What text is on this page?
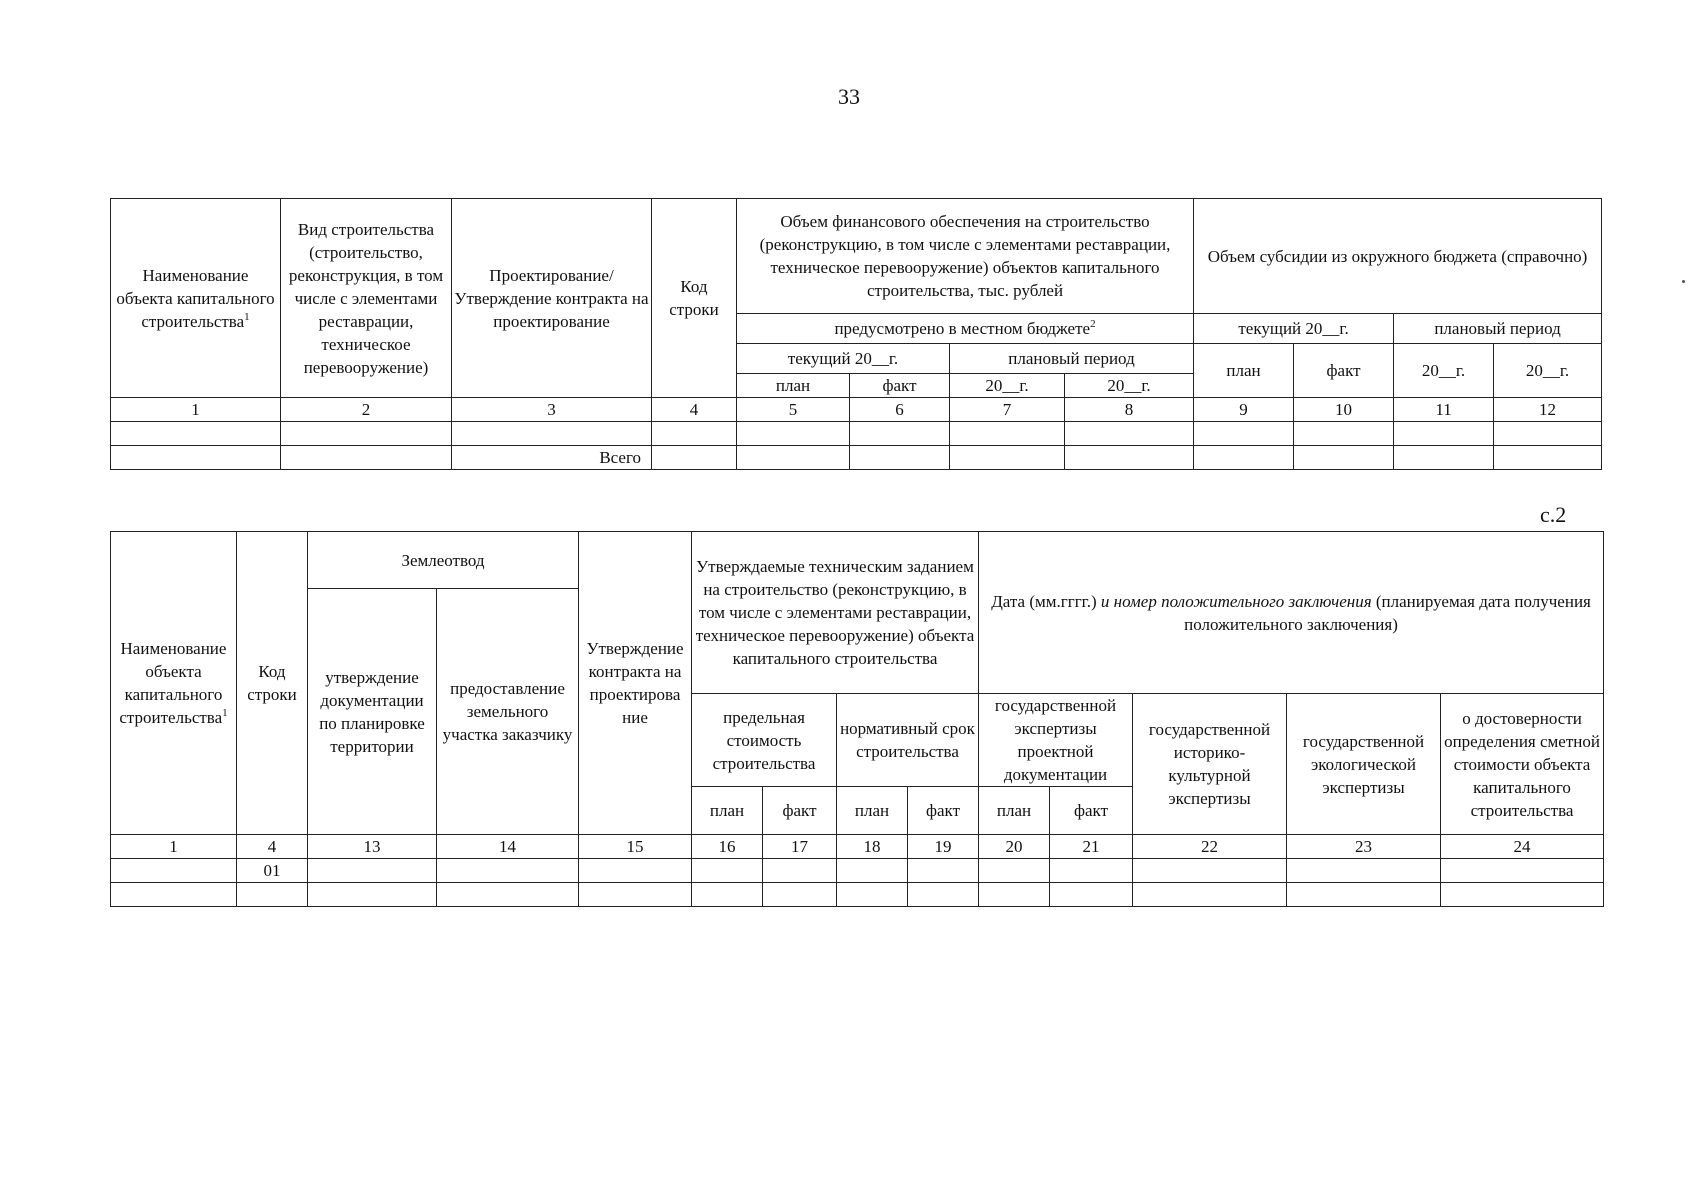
33
Наименование объекта капитального строительства$^1$	Вид строительства (строительство, реконструкция, в том числе с элементами реставрации, техническое перевооружение)	Проектирование/ Утверждение контракта на проектирование	Код строки	Объем финансового обеспечения на строительство (реконструкцию, в том числе с элементами реставрации, техническое перевооружение) объектов капитального строительства, тыс. рублей				Объем субсидии из окружного бюджета (справочно)			
				предусмотрено в местном бюджете$^2$				текущий 20__г.		плановый период	
				текущий 20__г.		плановый период		план	факт	20__г.	20__г.
				план	факт	20__г.	20__г.				
1	2	3	4	5	6	7	8	9	10	11	12

		Всего									
с.2
Наименование объекта капитального строительства$^1$	Код строки	Землеотвод		Утверждение контракта на проектирова ние	Утверждаемые техническим заданием на строительство (реконструкцию, в том числе с элементами реставрации, техническое перевооружение) объекта капитального строительства				Дата (мм.гггг.) и номер положительного заключения (планируемая дата получения положительного заключения)				
		утверждение документации по планировке территории	предоставление земельного участка заказчику										
					предельная стоимость строительства		нормативный срок строительства		государственной экспертизы проектной документации		государственной историко-культурной экспертизы	государственной экологической экспертизы	о достоверности определения сметной стоимости объекта капитального строительства

					план	факт	план	факт	план	факт			
1	4	13	14	15	16	17	18	19	20	21	22	23	24
	01												
